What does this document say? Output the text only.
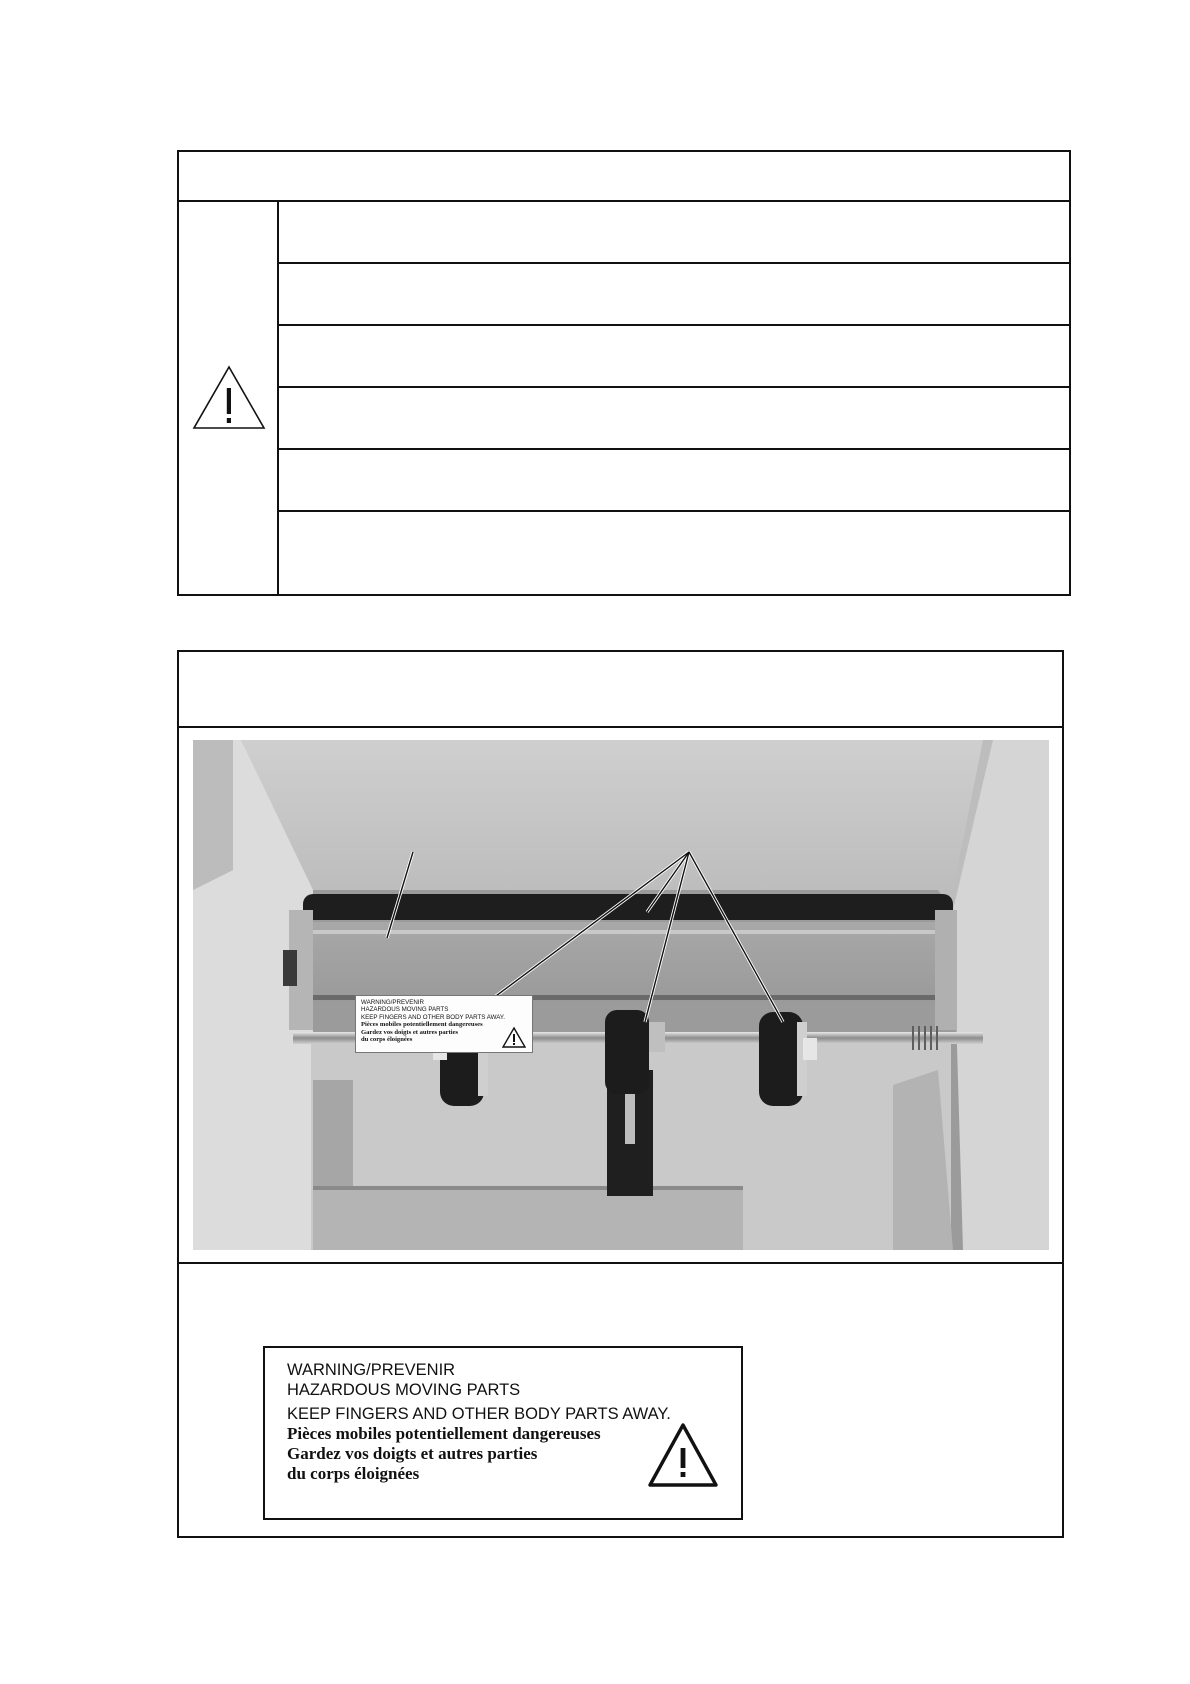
WARNING/PREVENIR
HAZARDOUS MOVING PARTS
KEEP FINGERS AND OTHER BODY PARTS AWAY.
Pièces mobiles potentiellement dangereuses
Gardez vos doigts et autres parties
du corps éloignées
WARNING/PREVENIR
HAZARDOUS MOVING PARTS
KEEP FINGERS AND OTHER BODY PARTS AWAY.
Pièces mobiles potentiellement dangereuses
Gardez vos doigts et autres parties
du corps éloignées
